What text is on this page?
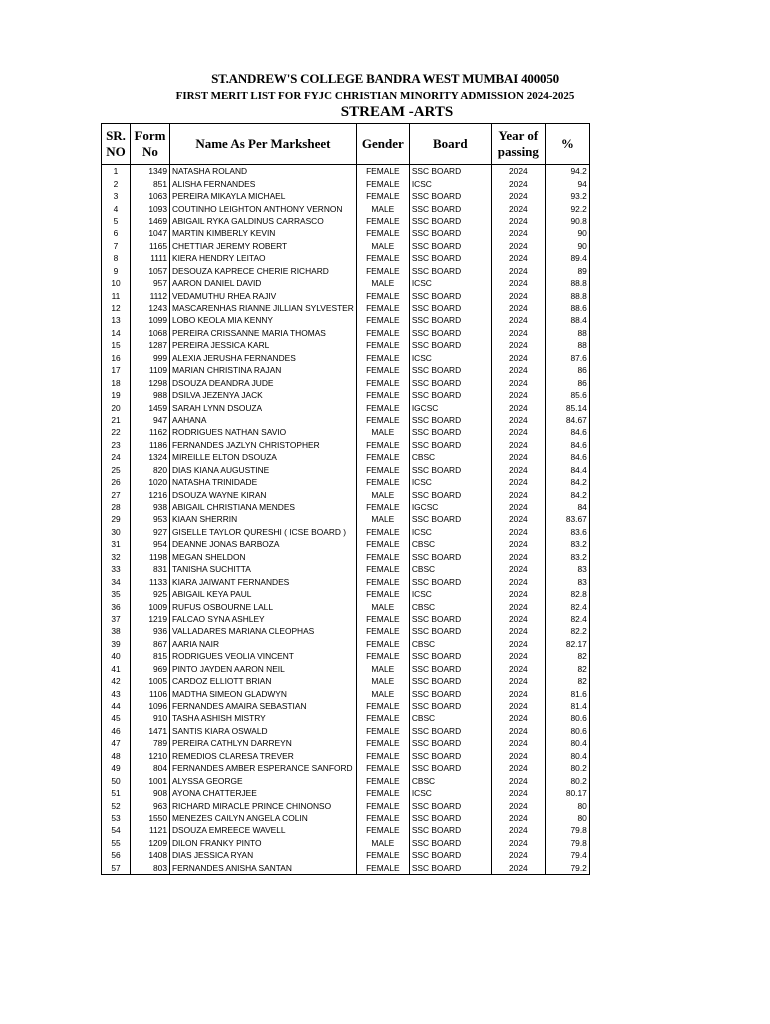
ST.ANDREW'S COLLEGE BANDRA WEST MUMBAI 400050
FIRST MERIT LIST FOR FYJC CHRISTIAN MINORITY ADMISSION 2024-2025
STREAM -ARTS
SR. NO	Form No	Name As Per Marksheet	Gender	Board	Year of passing	%
1	1349	NATASHA ROLAND	FEMALE	SSC BOARD	2024	94.2
2	851	ALISHA FERNANDES	FEMALE	ICSC	2024	94
3	1063	PEREIRA MIKAYLA MICHAEL	FEMALE	SSC BOARD	2024	93.2
4	1093	COUTINHO LEIGHTON ANTHONY VERNON	MALE	SSC BOARD	2024	92.2
5	1469	ABIGAIL RYKA GALDINUS CARRASCO	FEMALE	SSC BOARD	2024	90.8
6	1047	MARTIN KIMBERLY KEVIN	FEMALE	SSC BOARD	2024	90
7	1165	CHETTIAR JEREMY ROBERT	MALE	SSC BOARD	2024	90
8	1111	KIERA HENDRY LEITAO	FEMALE	SSC BOARD	2024	89.4
9	1057	DESOUZA KAPRECE CHERIE RICHARD	FEMALE	SSC BOARD	2024	89
10	957	AARON DANIEL DAVID	MALE	ICSC	2024	88.8
11	1112	VEDAMUTHU RHEA RAJIV	FEMALE	SSC BOARD	2024	88.8
12	1243	MASCARENHAS RIANNE JILLIAN SYLVESTER	FEMALE	SSC BOARD	2024	88.6
13	1099	LOBO KEOLA MIA KENNY	FEMALE	SSC BOARD	2024	88.4
14	1068	PEREIRA CRISSANNE MARIA THOMAS	FEMALE	SSC BOARD	2024	88
15	1287	PEREIRA JESSICA KARL	FEMALE	SSC BOARD	2024	88
16	999	ALEXIA JERUSHA FERNANDES	FEMALE	ICSC	2024	87.6
17	1109	MARIAN CHRISTINA RAJAN	FEMALE	SSC BOARD	2024	86
18	1298	DSOUZA DEANDRA JUDE	FEMALE	SSC BOARD	2024	86
19	988	DSILVA JEZENYA JACK	FEMALE	SSC BOARD	2024	85.6
20	1459	SARAH LYNN DSOUZA	FEMALE	IGCSC	2024	85.14
21	947	AAHANA	FEMALE	SSC BOARD	2024	84.67
22	1162	RODRIGUES NATHAN SAVIO	MALE	SSC BOARD	2024	84.6
23	1186	FERNANDES JAZLYN CHRISTOPHER	FEMALE	SSC BOARD	2024	84.6
24	1324	MIREILLE ELTON DSOUZA	FEMALE	CBSC	2024	84.6
25	820	DIAS KIANA AUGUSTINE	FEMALE	SSC BOARD	2024	84.4
26	1020	NATASHA TRINIDADE	FEMALE	ICSC	2024	84.2
27	1216	DSOUZA WAYNE KIRAN	MALE	SSC BOARD	2024	84.2
28	938	ABIGAIL CHRISTIANA MENDES	FEMALE	IGCSC	2024	84
29	953	KIAAN SHERRIN	MALE	SSC BOARD	2024	83.67
30	927	GISELLE TAYLOR QURESHI ( ICSE BOARD )	FEMALE	ICSC	2024	83.6
31	954	DEANNE JONAS BARBOZA	FEMALE	CBSC	2024	83.2
32	1198	MEGAN SHELDON	FEMALE	SSC BOARD	2024	83.2
33	831	TANISHA SUCHITTA	FEMALE	CBSC	2024	83
34	1133	KIARA JAIWANT FERNANDES	FEMALE	SSC BOARD	2024	83
35	925	ABIGAIL KEYA PAUL	FEMALE	ICSC	2024	82.8
36	1009	RUFUS OSBOURNE LALL	MALE	CBSC	2024	82.4
37	1219	FALCAO SYNA ASHLEY	FEMALE	SSC BOARD	2024	82.4
38	936	VALLADARES MARIANA CLEOPHAS	FEMALE	SSC BOARD	2024	82.2
39	867	AARIA NAIR	FEMALE	CBSC	2024	82.17
40	815	RODRIGUES VEOLIA VINCENT	FEMALE	SSC BOARD	2024	82
41	969	PINTO JAYDEN AARON NEIL	MALE	SSC BOARD	2024	82
42	1005	CARDOZ ELLIOTT BRIAN	MALE	SSC BOARD	2024	82
43	1106	MADTHA SIMEON GLADWYN	MALE	SSC BOARD	2024	81.6
44	1096	FERNANDES AMAIRA SEBASTIAN	FEMALE	SSC BOARD	2024	81.4
45	910	TASHA ASHISH MISTRY	FEMALE	CBSC	2024	80.6
46	1471	SANTIS KIARA OSWALD	FEMALE	SSC BOARD	2024	80.6
47	789	PEREIRA CATHLYN DARREYN	FEMALE	SSC BOARD	2024	80.4
48	1210	REMEDIOS CLARESA TREVER	FEMALE	SSC BOARD	2024	80.4
49	804	FERNANDES AMBER ESPERANCE SANFORD	FEMALE	SSC BOARD	2024	80.2
50	1001	ALYSSA GEORGE	FEMALE	CBSC	2024	80.2
51	908	AYONA CHATTERJEE	FEMALE	ICSC	2024	80.17
52	963	RICHARD MIRACLE PRINCE CHINONSO	FEMALE	SSC BOARD	2024	80
53	1550	MENEZES CAILYN ANGELA COLIN	FEMALE	SSC BOARD	2024	80
54	1121	DSOUZA EMREECE WAVELL	FEMALE	SSC BOARD	2024	79.8
55	1209	DILON FRANKY PINTO	MALE	SSC BOARD	2024	79.8
56	1408	DIAS JESSICA RYAN	FEMALE	SSC BOARD	2024	79.4
57	803	FERNANDES ANISHA SANTAN	FEMALE	SSC BOARD	2024	79.2
